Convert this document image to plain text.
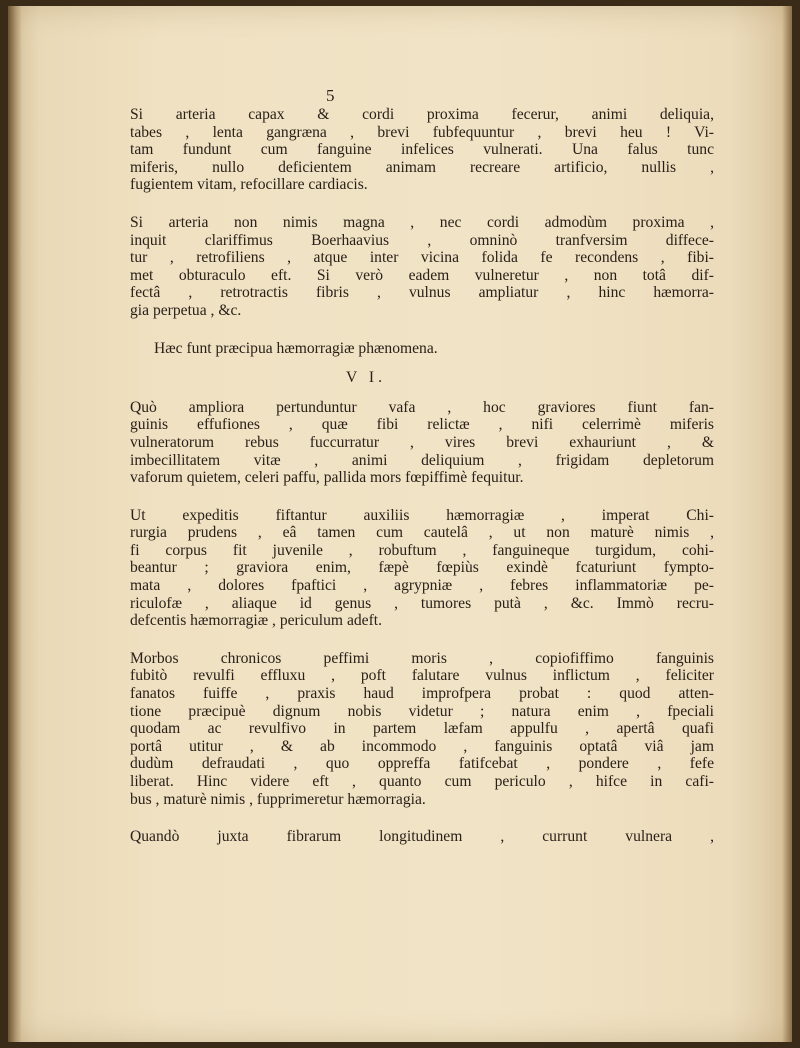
5
Si arteria capax & cordi proxima fecerur, animi deliquia,
tabes , lenta gangræna , brevi fubfequuntur , brevi heu ! Vi-
tam fundunt cum fanguine infelices vulnerati. Una falus tunc
miferis, nullo deficientem animam recreare artificio, nullis ,
fugientem vitam, refocillare cardiacis.
Si arteria non nimis magna , nec cordi admodùm proxima ,
inquit clariffimus Boerhaavius , omninò tranfversim diffece-
tur , retrofiliens , atque inter vicina folida fe recondens , fibi-
met obturaculo eft. Si verò eadem vulneretur , non totâ dif-
fectâ , retrotractis fibris , vulnus ampliatur , hinc hæmorra-
gia perpetua , &c.

Hæc funt præcipua hæmorragiæ phænomena.

V I.

Quò ampliora pertunduntur vafa , hoc graviores fiunt fan-
guinis effufiones , quæ fibi relictæ , nifi celerrimè miferis
vulneratorum rebus fuccurratur , vires brevi exhauriunt , &
imbecillitatem vitæ , animi deliquium , frigidam depletorum
vaforum quietem, celeri paffu, pallida mors fœpiffimè fequitur.
Ut expeditis fiftantur auxiliis hæmorragiæ , imperat Chi-
rurgia prudens , eâ tamen cum cautelâ , ut non maturè nimis ,
fi corpus fit juvenile , robuftum , fanguineque turgidum, cohi-
beantur ; graviora enim, fæpè fœpiùs exindè fcaturiunt fympto-
mata , dolores fpaftici , agrypniæ , febres inflammatoriæ pe-
riculofæ , aliaque id genus , tumores putà , &c. Immò recru-
defcentis hæmorragiæ , periculum adeft.
Morbos chronicos peffimi moris , copiofiffimo fanguinis
fubitò revulfi effluxu , poft falutare vulnus inflictum , feliciter
fanatos fuiffe , praxis haud improfpera probat : quod atten-
tione præcipuè dignum nobis videtur ; natura enim , fpeciali
quodam ac revulfivo in partem læfam appulfu , apertâ quafi
portâ utitur , & ab incommodo , fanguinis optatâ viâ jam
dudùm defraudati , quo oppreffa fatifcebat , pondere , fefe
liberat. Hinc videre eft , quanto cum periculo , hifce in cafi-
bus , maturè nimis , fupprimeretur hæmorragia.
Quandò juxta fibrarum longitudinem , currunt vulnera ,
